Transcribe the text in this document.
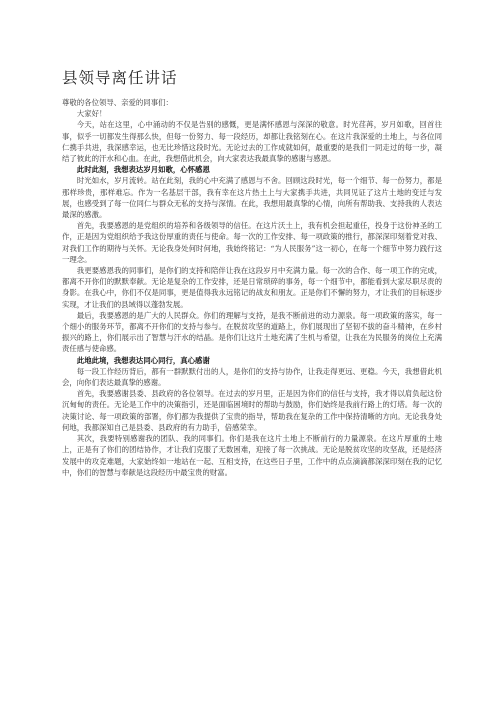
县领导离任讲话

尊敬的各位领导、亲爱的同事们：

大家好！

今天，站在这里，心中涌动的不仅是告别的感慨，更是满怀感恩与深深的敬意。时光荏苒，岁月如歌，回首往事，似乎一切都发生得那么快，但每一份努力、每一段经历，却都让我铭刻在心。在这片我深爱的土地上，与各位同仁携手共进，我深感幸运，也无比珍惜这段时光。无论过去的工作成就如何，最重要的是我们一同走过的每一步，凝结了彼此的汗水和心血。在此，我想借此机会，向大家表达我最真挚的感谢与感恩。

此时此刻，我想表达岁月如歌，心怀感恩

时光如水，岁月流转。站在此刻，我的心中充满了感恩与不舍。回顾这段时光，每一个细节、每一份努力，都是那样珍贵，那样难忘。作为一名基层干部，我有幸在这片热土上与大家携手共进，共同见证了这片土地的变迁与发展，也感受到了每一位同仁与群众无私的支持与深情。在此，我想用最真挚的心情，向所有帮助我、支持我的人表达最深的感激。

首先，我要感恩的是党组织的培养和各级领导的信任。在这片沃土上，我有机会担起重任，投身于这份神圣的工作，正是因为党组织给予我这份厚重的责任与使命。每一次的工作安排、每一项政策的推行，都深深印刻着党对我、对我们工作的期待与关怀。无论我身处何时何地，我始终铭记：“为人民服务”这一初心，在每一个细节中努力践行这一理念。

我更要感恩我的同事们，是你们的支持和陪伴让我在这段岁月中充满力量。每一次的合作、每一项工作的完成，都离不开你们的默默奉献。无论是复杂的工作安排，还是日常琐碎的事务，每一个细节中，都能看到大家尽职尽责的身影。在我心中，你们不仅是同事，更是值得我永远铭记的战友和朋友。正是你们不懈的努力，才让我们的目标逐步实现，才让我们的县域得以蓬勃发展。

最后，我要感恩的是广大的人民群众。你们的理解与支持，是我不断前进的动力源泉。每一项政策的落实，每一个细小的服务环节，都离不开你们的支持与参与。在脱贫攻坚的道路上，你们展现出了坚韧不拔的奋斗精神，在乡村振兴的路上，你们展示出了智慧与汗水的结晶。是你们让这片土地充满了生机与希望，让我在为民服务的岗位上充满责任感与使命感。

此地此境，我想表达同心同行，真心感谢

每一段工作经历背后，都有一群默默付出的人，是你们的支持与协作，让我走得更远、更稳。今天，我想借此机会，向你们表达最真挚的感谢。

首先，我要感谢县委、县政府的各位领导。在过去的岁月里，正是因为你们的信任与支持，我才得以肩负起这份沉甸甸的责任。无论是工作中的决策指引，还是面临困境时的帮助与鼓励，你们始终是我前行路上的灯塔。每一次的决策讨论、每一项政策的部署，你们都为我提供了宝贵的指导，帮助我在复杂的工作中保持清晰的方向。无论我身处何地，我都深知自己是县委、县政府的有力助手，倍感荣幸。

其次，我要特别感谢我的团队、我的同事们。你们是我在这片土地上不断前行的力量源泉。在这片厚重的土地上，正是有了你们的团结协作，才让我们克服了无数困难，迎接了每一次挑战。无论是脱贫攻坚的攻坚战，还是经济发展中的攻克难题，大家始终如一地站在一起、互相支持，在这些日子里，工作中的点点滴滴都深深印刻在我的记忆中，你们的智慧与奉献是这段经历中最宝贵的财富。
